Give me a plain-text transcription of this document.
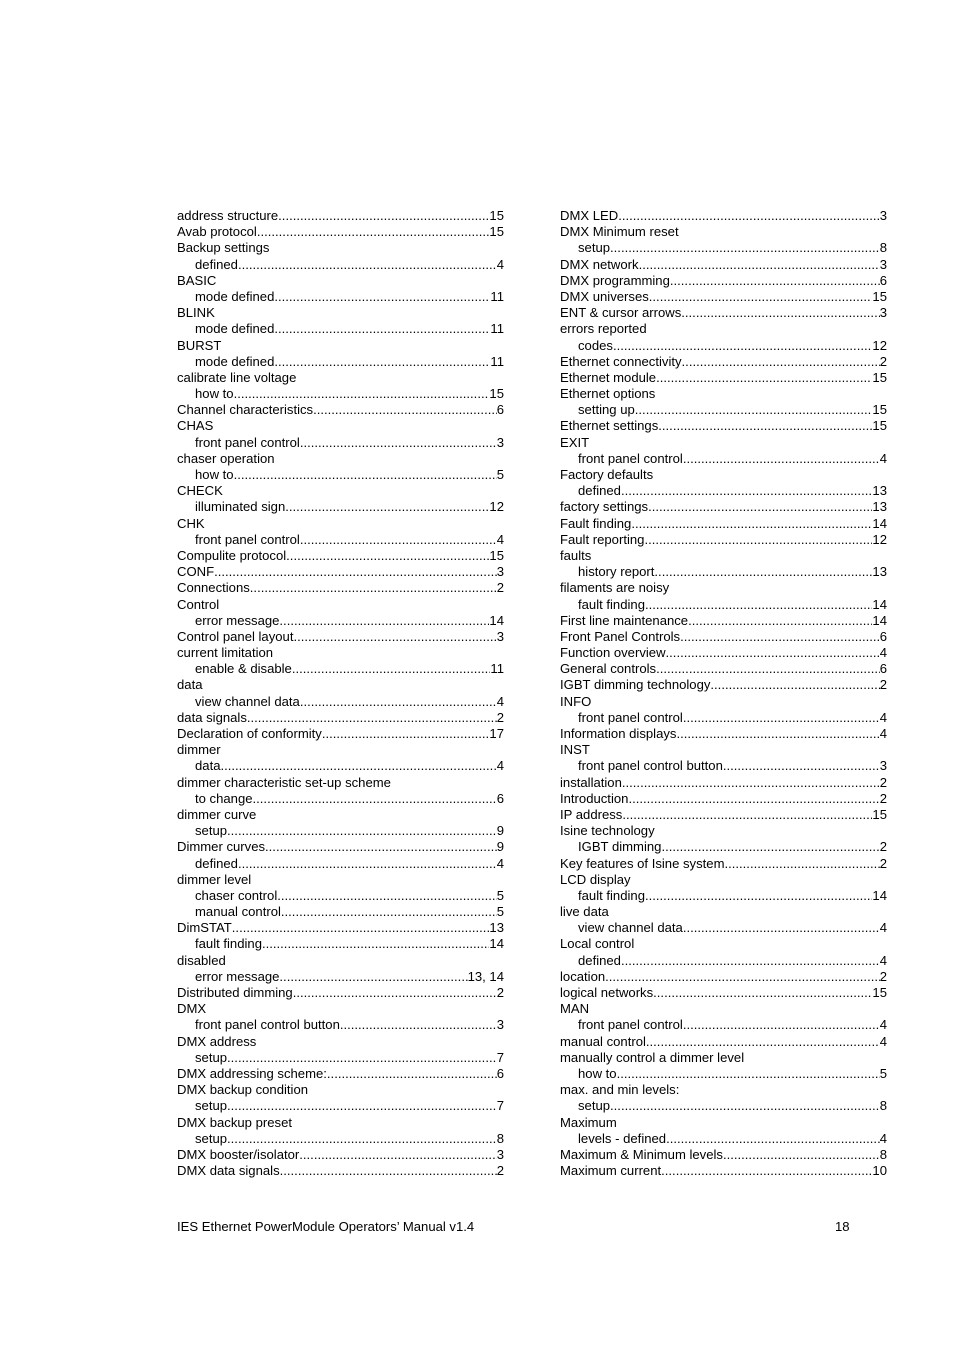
address structure .....	15
Avab protocol .....	15
Backup settings
defined .....	4
BASIC
mode defined .....	11
BLINK
mode defined .....	11
BURST
mode defined .....	11
calibrate line voltage
how to .....	15
Channel characteristics .....	6
CHAS
front panel control .....	3
chaser operation
how to .....	5
CHECK
illuminated sign .....	12
CHK
front panel control .....	4
Compulite protocol .....	15
CONF .....	3
Connections .....	2
Control
error message .....	14
Control panel layout .....	3
current limitation
enable & disable .....	11
data
view channel data .....	4
data signals .....	2
Declaration of conformity .....	17
dimmer
data .....	4
dimmer characteristic set-up scheme
to change .....	6
dimmer curve
setup .....	9
Dimmer curves .....	9
defined .....	4
dimmer level
chaser control .....	5
manual control .....	5
DimSTAT .....	13
fault finding .....	14
disabled
error message .....	13, 14
Distributed dimming .....	2
DMX
front panel control button .....	3
DMX address
setup .....	7
DMX addressing scheme: .....	6
DMX backup condition
setup .....	7
DMX backup preset
setup .....	8
DMX booster/isolator .....	3
DMX data signals .....	2
DMX LED .....	3
DMX Minimum reset
setup .....	8
DMX network .....	3
DMX programming .....	6
DMX universes .....	15
ENT & cursor arrows .....	3
errors reported
codes .....	12
Ethernet connectivity .....	2
Ethernet module .....	15
Ethernet options
setting up .....	15
Ethernet settings .....	15
EXIT
front panel control .....	4
Factory defaults
defined .....	13
factory settings .....	13
Fault finding .....	14
Fault reporting .....	12
faults
history report .....	13
filaments are noisy
fault finding .....	14
First line maintenance .....	14
Front Panel Controls .....	6
Function overview .....	4
General controls .....	6
IGBT dimming technology .....	2
INFO
front panel control .....	4
Information displays .....	4
INST
front panel control button .....	3
installation .....	2
Introduction .....	2
IP address .....	15
Isine technology
IGBT dimming .....	2
Key features of Isine system .....	2
LCD display
fault finding .....	14
live data
view channel data .....	4
Local control
defined .....	4
location .....	2
logical networks .....	15
MAN
front panel control .....	4
manual control .....	4
manually control a dimmer level
how to .....	5
max. and min levels:
setup .....	8
Maximum
levels - defined .....	4
Maximum & Minimum levels .....	8
Maximum current .....	10
IES Ethernet PowerModule Operators’ Manual v1.4	18
